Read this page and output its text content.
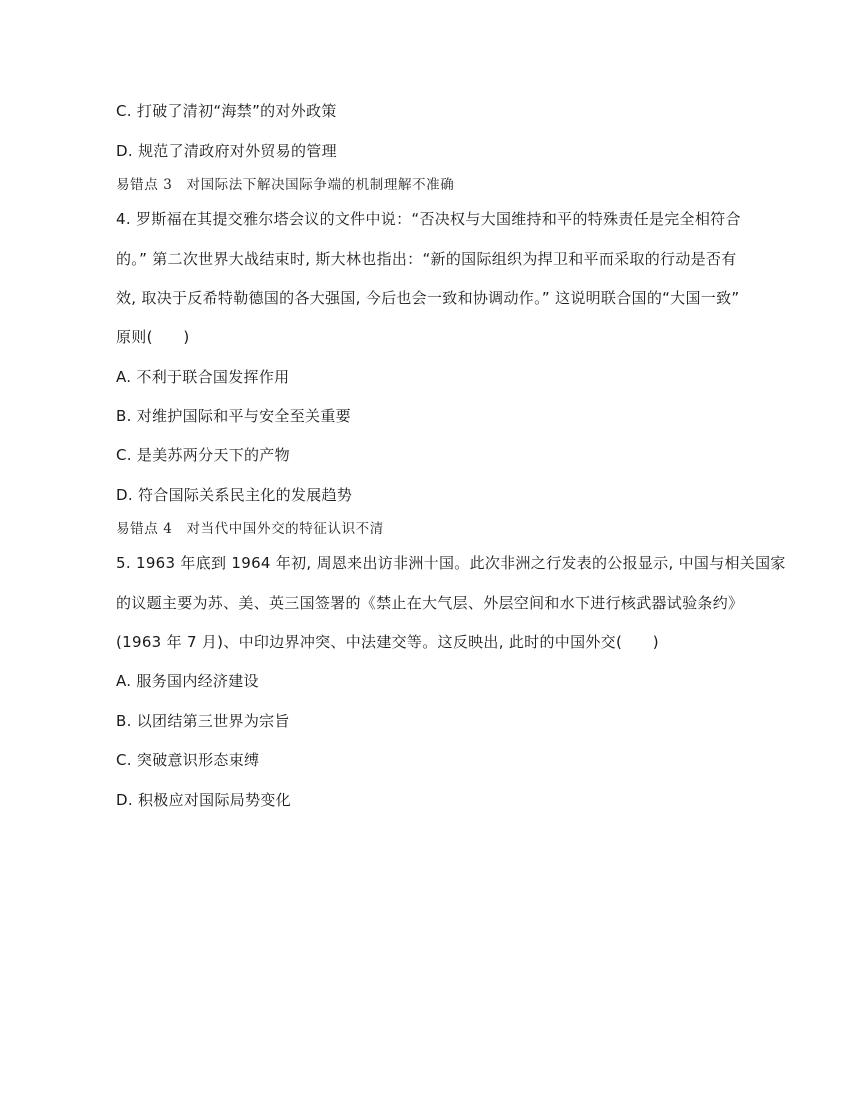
C. 打破了清初“海禁”的对外政策
D. 规范了清政府对外贸易的管理
易错点 3　对国际法下解决国际争端的机制理解不准确
4. 罗斯福在其提交雅尔塔会议的文件中说：“否决权与大国维持和平的特殊责任是完全相符合
的。” 第二次世界大战结束时, 斯大林也指出：“新的国际组织为捍卫和平而采取的行动是否有
效, 取决于反希特勒德国的各大强国, 今后也会一致和协调动作。” 这说明联合国的“大国一致”
原则(　　)
A. 不利于联合国发挥作用
B. 对维护国际和平与安全至关重要
C. 是美苏两分天下的产物
D. 符合国际关系民主化的发展趋势
易错点 4　对当代中国外交的特征认识不清
5. 1963 年底到 1964 年初, 周恩来出访非洲十国。此次非洲之行发表的公报显示, 中国与相关国家
的议题主要为苏、美、英三国签署的《禁止在大气层、外层空间和水下进行核武器试验条约》
(1963 年 7 月)、中印边界冲突、中法建交等。这反映出, 此时的中国外交(　　)
A. 服务国内经济建设
B. 以团结第三世界为宗旨
C. 突破意识形态束缚
D. 积极应对国际局势变化
